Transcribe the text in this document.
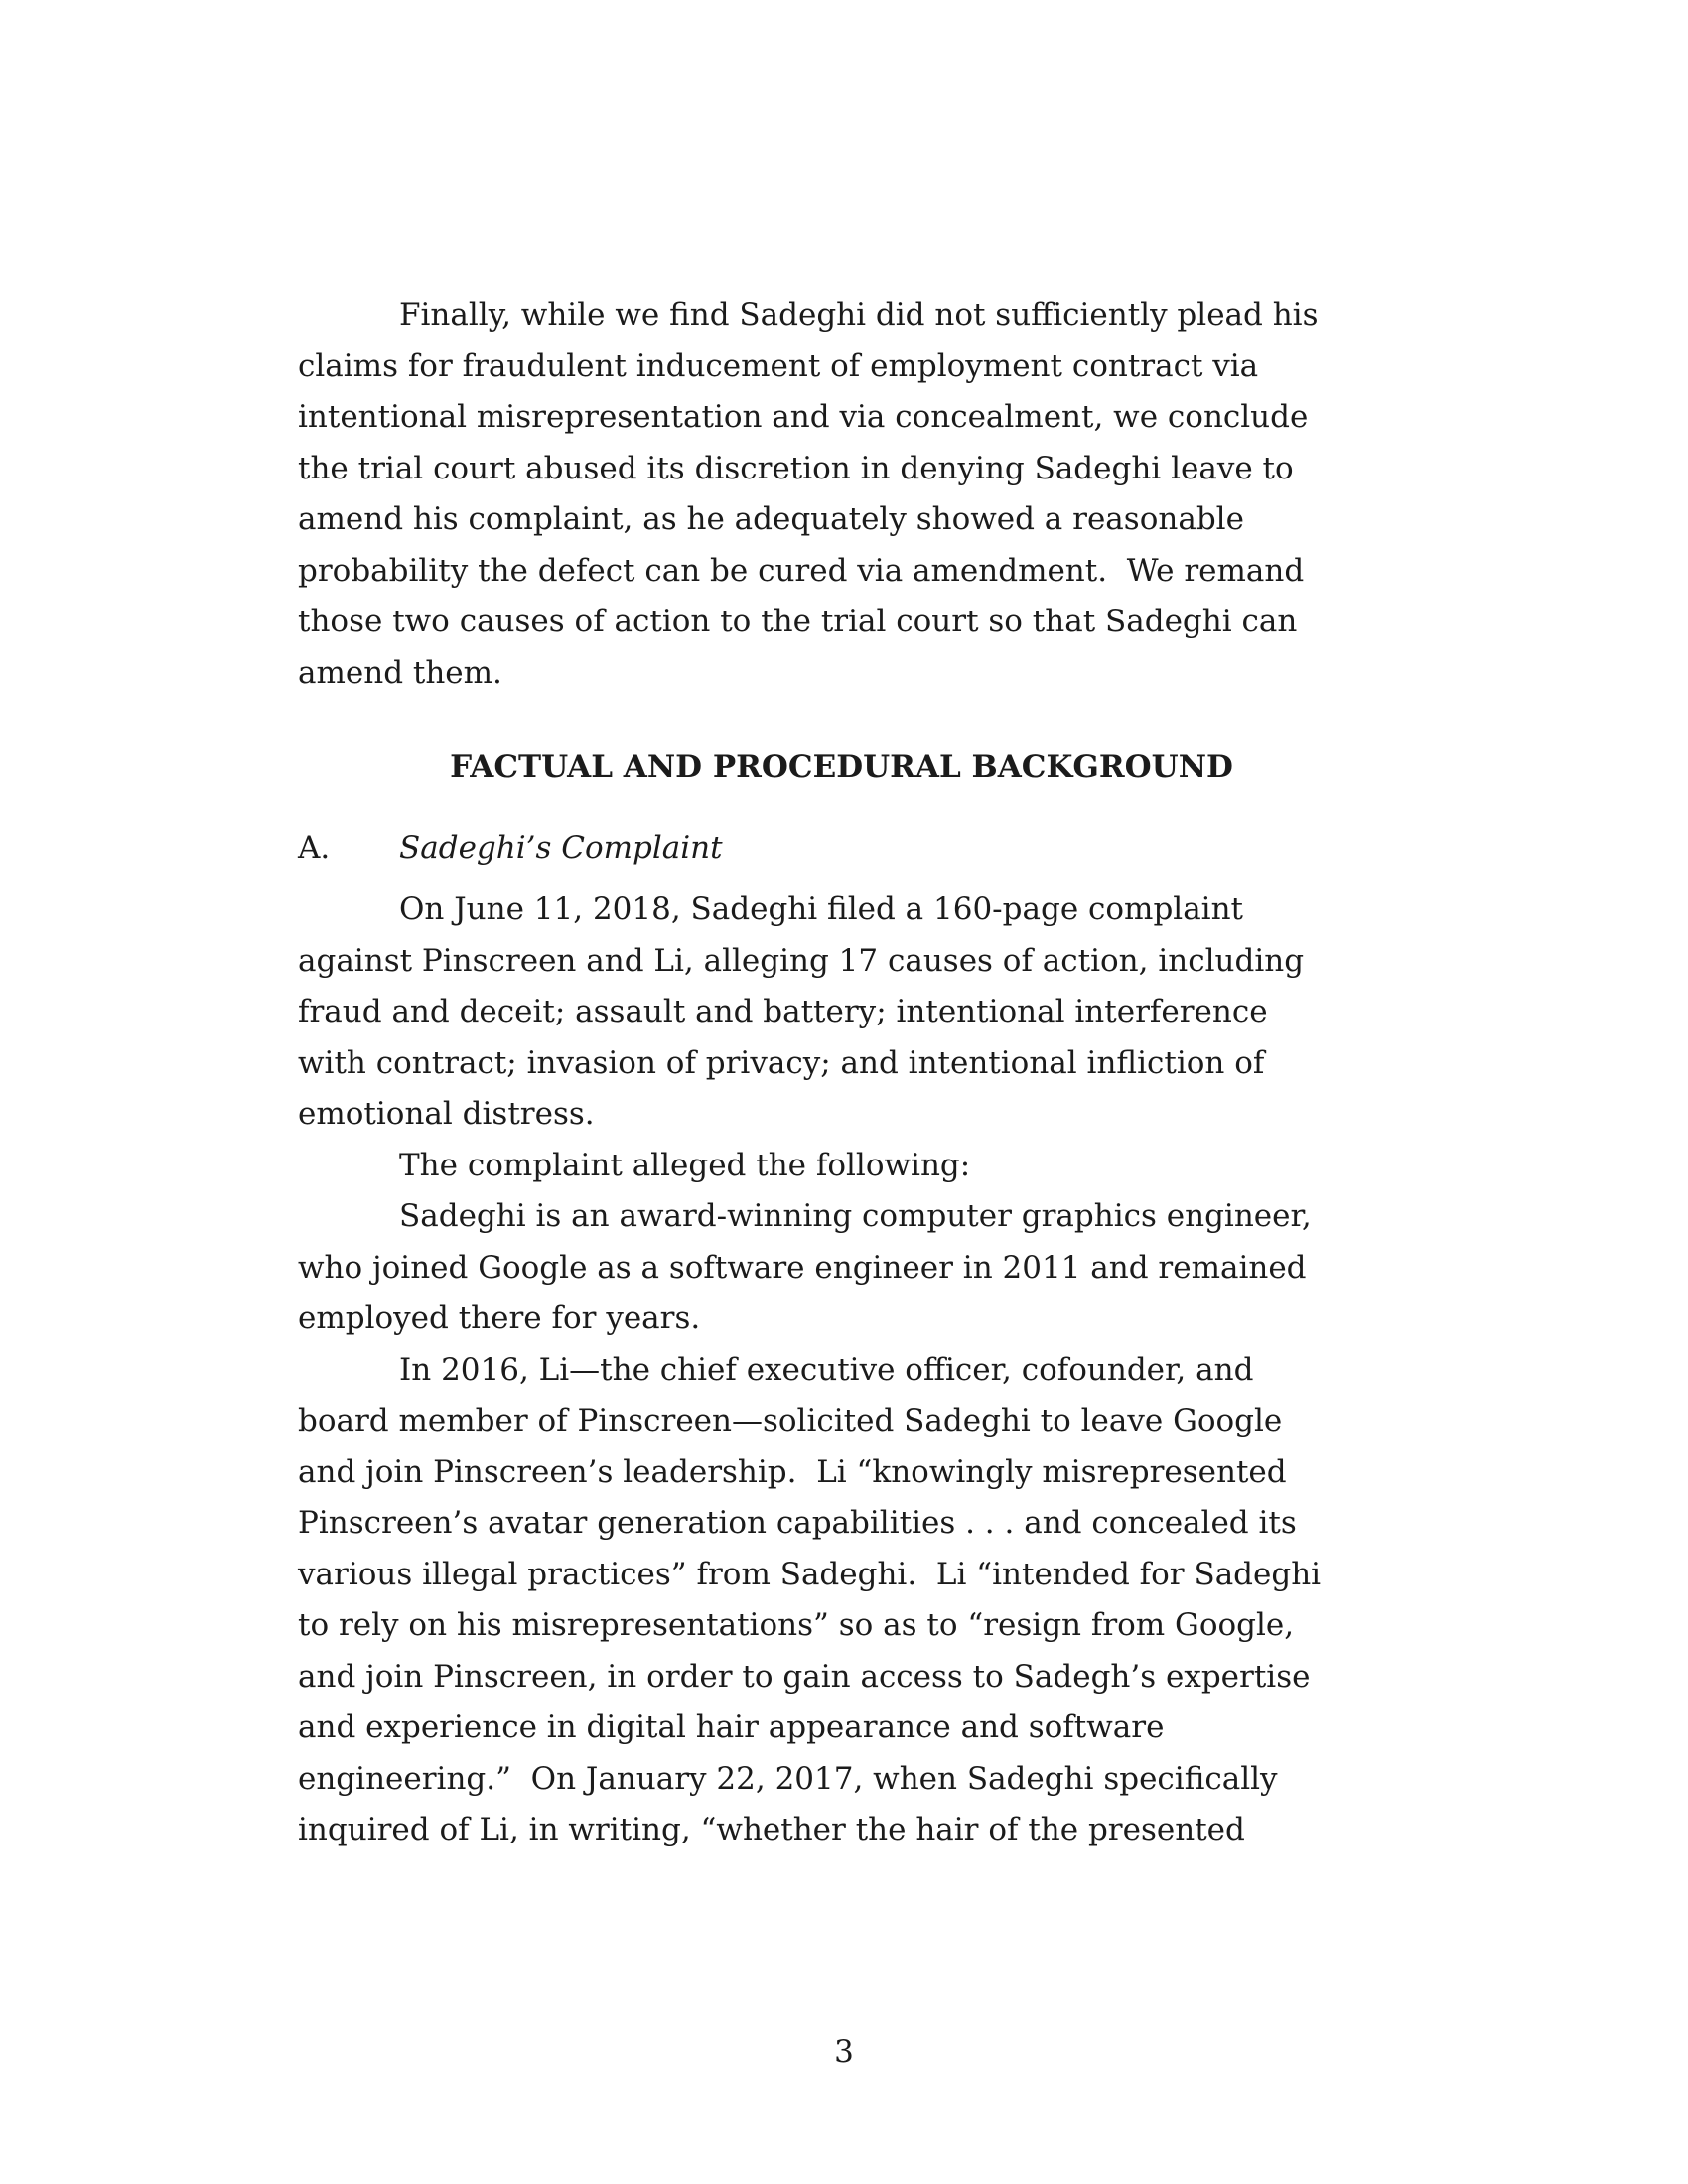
Finally, while we find Sadeghi did not sufficiently plead his
claims for fraudulent inducement of employment contract via
intentional misrepresentation and via concealment, we conclude
the trial court abused its discretion in denying Sadeghi leave to
amend his complaint, as he adequately showed a reasonable
probability the defect can be cured via amendment.  We remand
those two causes of action to the trial court so that Sadeghi can
amend them.
FACTUAL AND PROCEDURAL BACKGROUND
A. Sadeghi’s Complaint
On June 11, 2018, Sadeghi filed a 160-page complaint
against Pinscreen and Li, alleging 17 causes of action, including
fraud and deceit; assault and battery; intentional interference
with contract; invasion of privacy; and intentional infliction of
emotional distress.
The complaint alleged the following:
Sadeghi is an award-winning computer graphics engineer,
who joined Google as a software engineer in 2011 and remained
employed there for years.
In 2016, Li—the chief executive officer, cofounder, and
board member of Pinscreen—solicited Sadeghi to leave Google
and join Pinscreen’s leadership.  Li “knowingly misrepresented
Pinscreen’s avatar generation capabilities . . . and concealed its
various illegal practices” from Sadeghi.  Li “intended for Sadeghi
to rely on his misrepresentations” so as to “resign from Google,
and join Pinscreen, in order to gain access to Sadegh’s expertise
and experience in digital hair appearance and software
engineering.”  On January 22, 2017, when Sadeghi specifically
inquired of Li, in writing, “whether the hair of the presented
3
